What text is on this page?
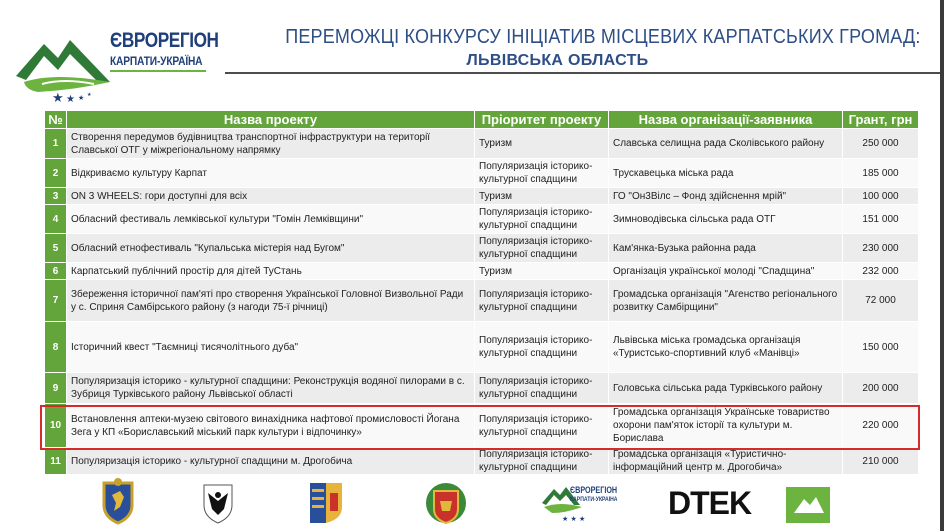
★ ★ ★ ★
ЄВРОРЕГІОН
КАРПАТИ-УКРАЇНА
ПЕРЕМОЖЦІ КОНКУРСУ ІНІЦІАТИВ МІСЦЕВИХ КАРПАТСЬКИХ ГРОМАД:
ЛЬВІВСЬКА ОБЛАСТЬ
№	Назва проекту	Пріоритет проекту	Назва організації-заявника	Грант, грн
1	Створення передумов будівництва транспортної інфраструктури на території Славської ОТГ у міжрегіональному напрямку	Туризм	Славська селищна рада Сколівського району	250 000
2	Відкриваємо культуру Карпат	Популяризація історико-культурної спадщини	Трускавецька міська рада	185 000
3	ON 3 WHEELS: гори доступні для всіх	Туризм	ГО "Он3Вілс – Фонд здійснення мрій"	100 000
4	Обласний фестиваль лемківської культури "Гомін Лемківщини"	Популяризація історико-культурної спадщини	Зимноводівська сільська рада ОТГ	151 000
5	Обласний етнофестиваль "Купальська містерія над Бугом"	Популяризація історико-культурної спадщини	Кам'янка-Бузька районна рада	230 000
6	Карпатський публічний простір для дітей ТуСтань	Туризм	Організація української молоді "Спадщина"	232 000
7	Збереження історичної пам'яті про створення Української Головної Визвольної Ради у с. Сприня Самбірського району (з нагоди 75-ї річниці)	Популяризація історико-культурної спадщини	Громадська організація "Агенство регіонального розвитку Самбірщини"	72 000
8	Історичний квест "Таємниці тисячолітнього дуба"	Популяризація історико-культурної спадщини	Львівська міська громадська організація «Туристсько-спортивний клуб «Манівці»	150 000
9	Популяризація історико - культурної спадщини: Реконструкція водяної пилорами в с. Зубриця Турківського району Львівської області	Популяризація історико-культурної спадщини	Головська сільська рада Турківського району	200 000
10	Встановлення аптеки-музею світового винахідника нафтової промисловості Йогана Зега у КП «Бориславський міський парк культури і відпочинку»	Популяризація історико-культурної спадщини	Громадська організація Українське товариство охорони пам'яток історії та культури м. Борислава	220 000
11	Популяризація історико - культурної спадщини м. Дрогобича	Популяризація історико-культурної спадщини	Громадська організація «Туристично-інформаційний центр м. Дрогобича»	210 000
★ ★ ★
ЄВРОРЕГІОН
КАРПАТИ-УКРАЇНА DTEK
